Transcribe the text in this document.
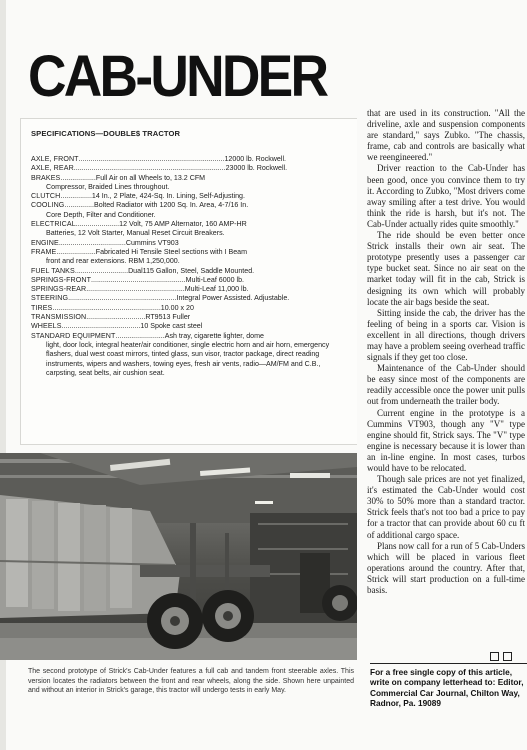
CAB-UNDER
SPECIFICATIONS—DOUBLE$ TRACTOR
AXLE, FRONT..........................................................................12000 lb. Rockwell.
AXLE, REAR.............................................................................23000 lb. Rockwell.
BRAKES..................Full Air on all Wheels to, 13.2 CFM
Compressor, Braided Lines throughout.
CLUTCH................14 In., 2 Plate, 424-Sq. In. Lining, Self-Adjusting.
COOLING...............Bolted Radiator with 1200 Sq. In. Area, 4-7/16 In.
Core Depth, Filter and Conditioner.
ELECTRICAL......................12 Volt, 75 AMP Alternator, 160 AMP-HR
Batteries, 12 Volt Starter, Manual Reset Circuit Breakers.
ENGINE..................................Cummins VT903
FRAME....................Fabricated Hi Tensile Steel sections with I Beam
front and rear extensions. RBM 1,250,000.
FUEL TANKS...........................Dual115 Gallon, Steel, Saddle Mounted.
SPRINGS-FRONT................................................Multi-Leaf 6000 lb.
SPRINGS-REAR..................................................Multi-Leaf 11,000 lb.
STEERING.......................................................Integral Power Assisted. Adjustable.
TIRES.......................................................10.00 x 20
TRANSMISSION..............................RT9513 Fuller
WHEELS........................................10 Spoke cast steel
STANDARD EQUIPMENT.........................Ash tray, cigarette lighter, dome
light, door lock, integral heater/air conditioner, single electric horn and air horn, emergency flashers, dual west coast mirrors, tinted glass, sun visor, tractor package, direct reading instruments, wipers and washers, towing eyes, fresh air vents, radio—AM/FM and C.B., carpsting, seat belts, air cushion seat.

The second prototype of Strick's Cab-Under features a full cab and tandem front steerable axles. This version locates the radiators between the front and rear wheels, along the side. Shown here unpainted and without an interior in Strick's garage, this tractor will undergo tests in early May.

that are used in its construction. "All the driveline, axle and suspension components are standard," says Zubko. "The chassis, frame, cab and controls are basically what we reengineered."

Driver reaction to the Cab-Under has been good, once you convince them to try it. According to Zubko, "Most drivers come away smiling after a test drive. You would think the ride is harsh, but it's not. The Cab-Under actually rides quite smoothly."

The ride should be even better once Strick installs their own air seat. The prototype presently uses a passenger car type bucket seat. Since no air seat on the market today will fit in the cab, Strick is designing its own which will probably locate the air bags beside the seat.

Sitting inside the cab, the driver has the feeling of being in a sports car. Vision is excellent in all directions, though drivers may have a problem seeing overhead traffic signals if they get too close.

Maintenance of the Cab-Under should be easy since most of the components are readily accessible once the power unit pulls out from underneath the trailer body.

Current engine in the prototype is a Cummins VT903, though any "V" type engine should fit, Strick says. The "V" type engine is necessary because it is lower than an in-line engine. In most cases, turbos would have to be relocated.

Though sale prices are not yet finalized, it's estimated the Cab-Under would cost 30% to 50% more than a standard tractor. Strick feels that's not too bad a price to pay for a tractor that can provide about 60 cu ft of additional cargo space.

Plans now call for a run of 5 Cab-Unders which will be placed in various fleet operations around the country. After that, Strick will start production on a full-time basis.

For a free single copy of this article, write on company letterhead to: Editor, Commercial Car Journal, Chilton Way, Radnor, Pa. 19089
